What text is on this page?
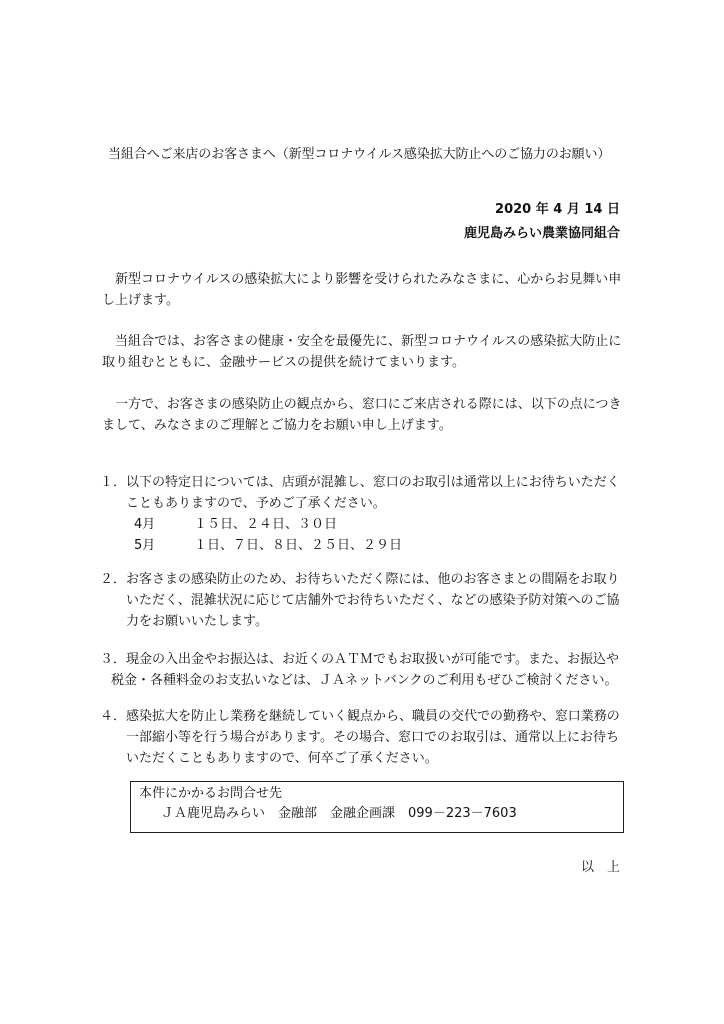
当組合へご来店のお客さまへ（新型コロナウイルス感染拡大防止へのご協力のお願い）
2020 年 4 月 14 日
鹿児島みらい農業協同組合
新型コロナウイルスの感染拡大により影響を受けられたみなさまに、心からお見舞い申し上げます。
当組合では、お客さまの健康・安全を最優先に、新型コロナウイルスの感染拡大防止に取り組むとともに、金融サービスの提供を続けてまいります。
一方で、お客さまの感染防止の観点から、窓口にご来店される際には、以下の点につきまして、みなさまのご理解とご協力をお願い申し上げます。
１． 以下の特定日については、店頭が混雑し、窓口のお取引は通常以上にお待ちいただくこともありますので、予めご了承ください。
4月	１５日、２４日、３０日
5月	１日、７日、８日、２５日、２９日
２． お客さまの感染防止のため、お待ちいただく際には、他のお客さまとの間隔をお取りいただく、混雑状況に応じて店舗外でお待ちいただく、などの感染予防対策へのご協力をお願いいたします。
３． 現金の入出金やお振込は、お近くのＡＴＭでもお取扱いが可能です。また、お振込や
税金・各種料金のお支払いなどは、ＪＡネットバンクのご利用もぜひご検討ください。
４． 感染拡大を防止し業務を継続していく観点から、職員の交代での勤務や、窓口業務の一部縮小等を行う場合があります。その場合、窓口でのお取引は、通常以上にお待ちいただくこともありますので、何卒ご了承ください。
本件にかかるお問合せ先
ＪＡ鹿児島みらい　金融部　金融企画課　099－223－7603
以　上
